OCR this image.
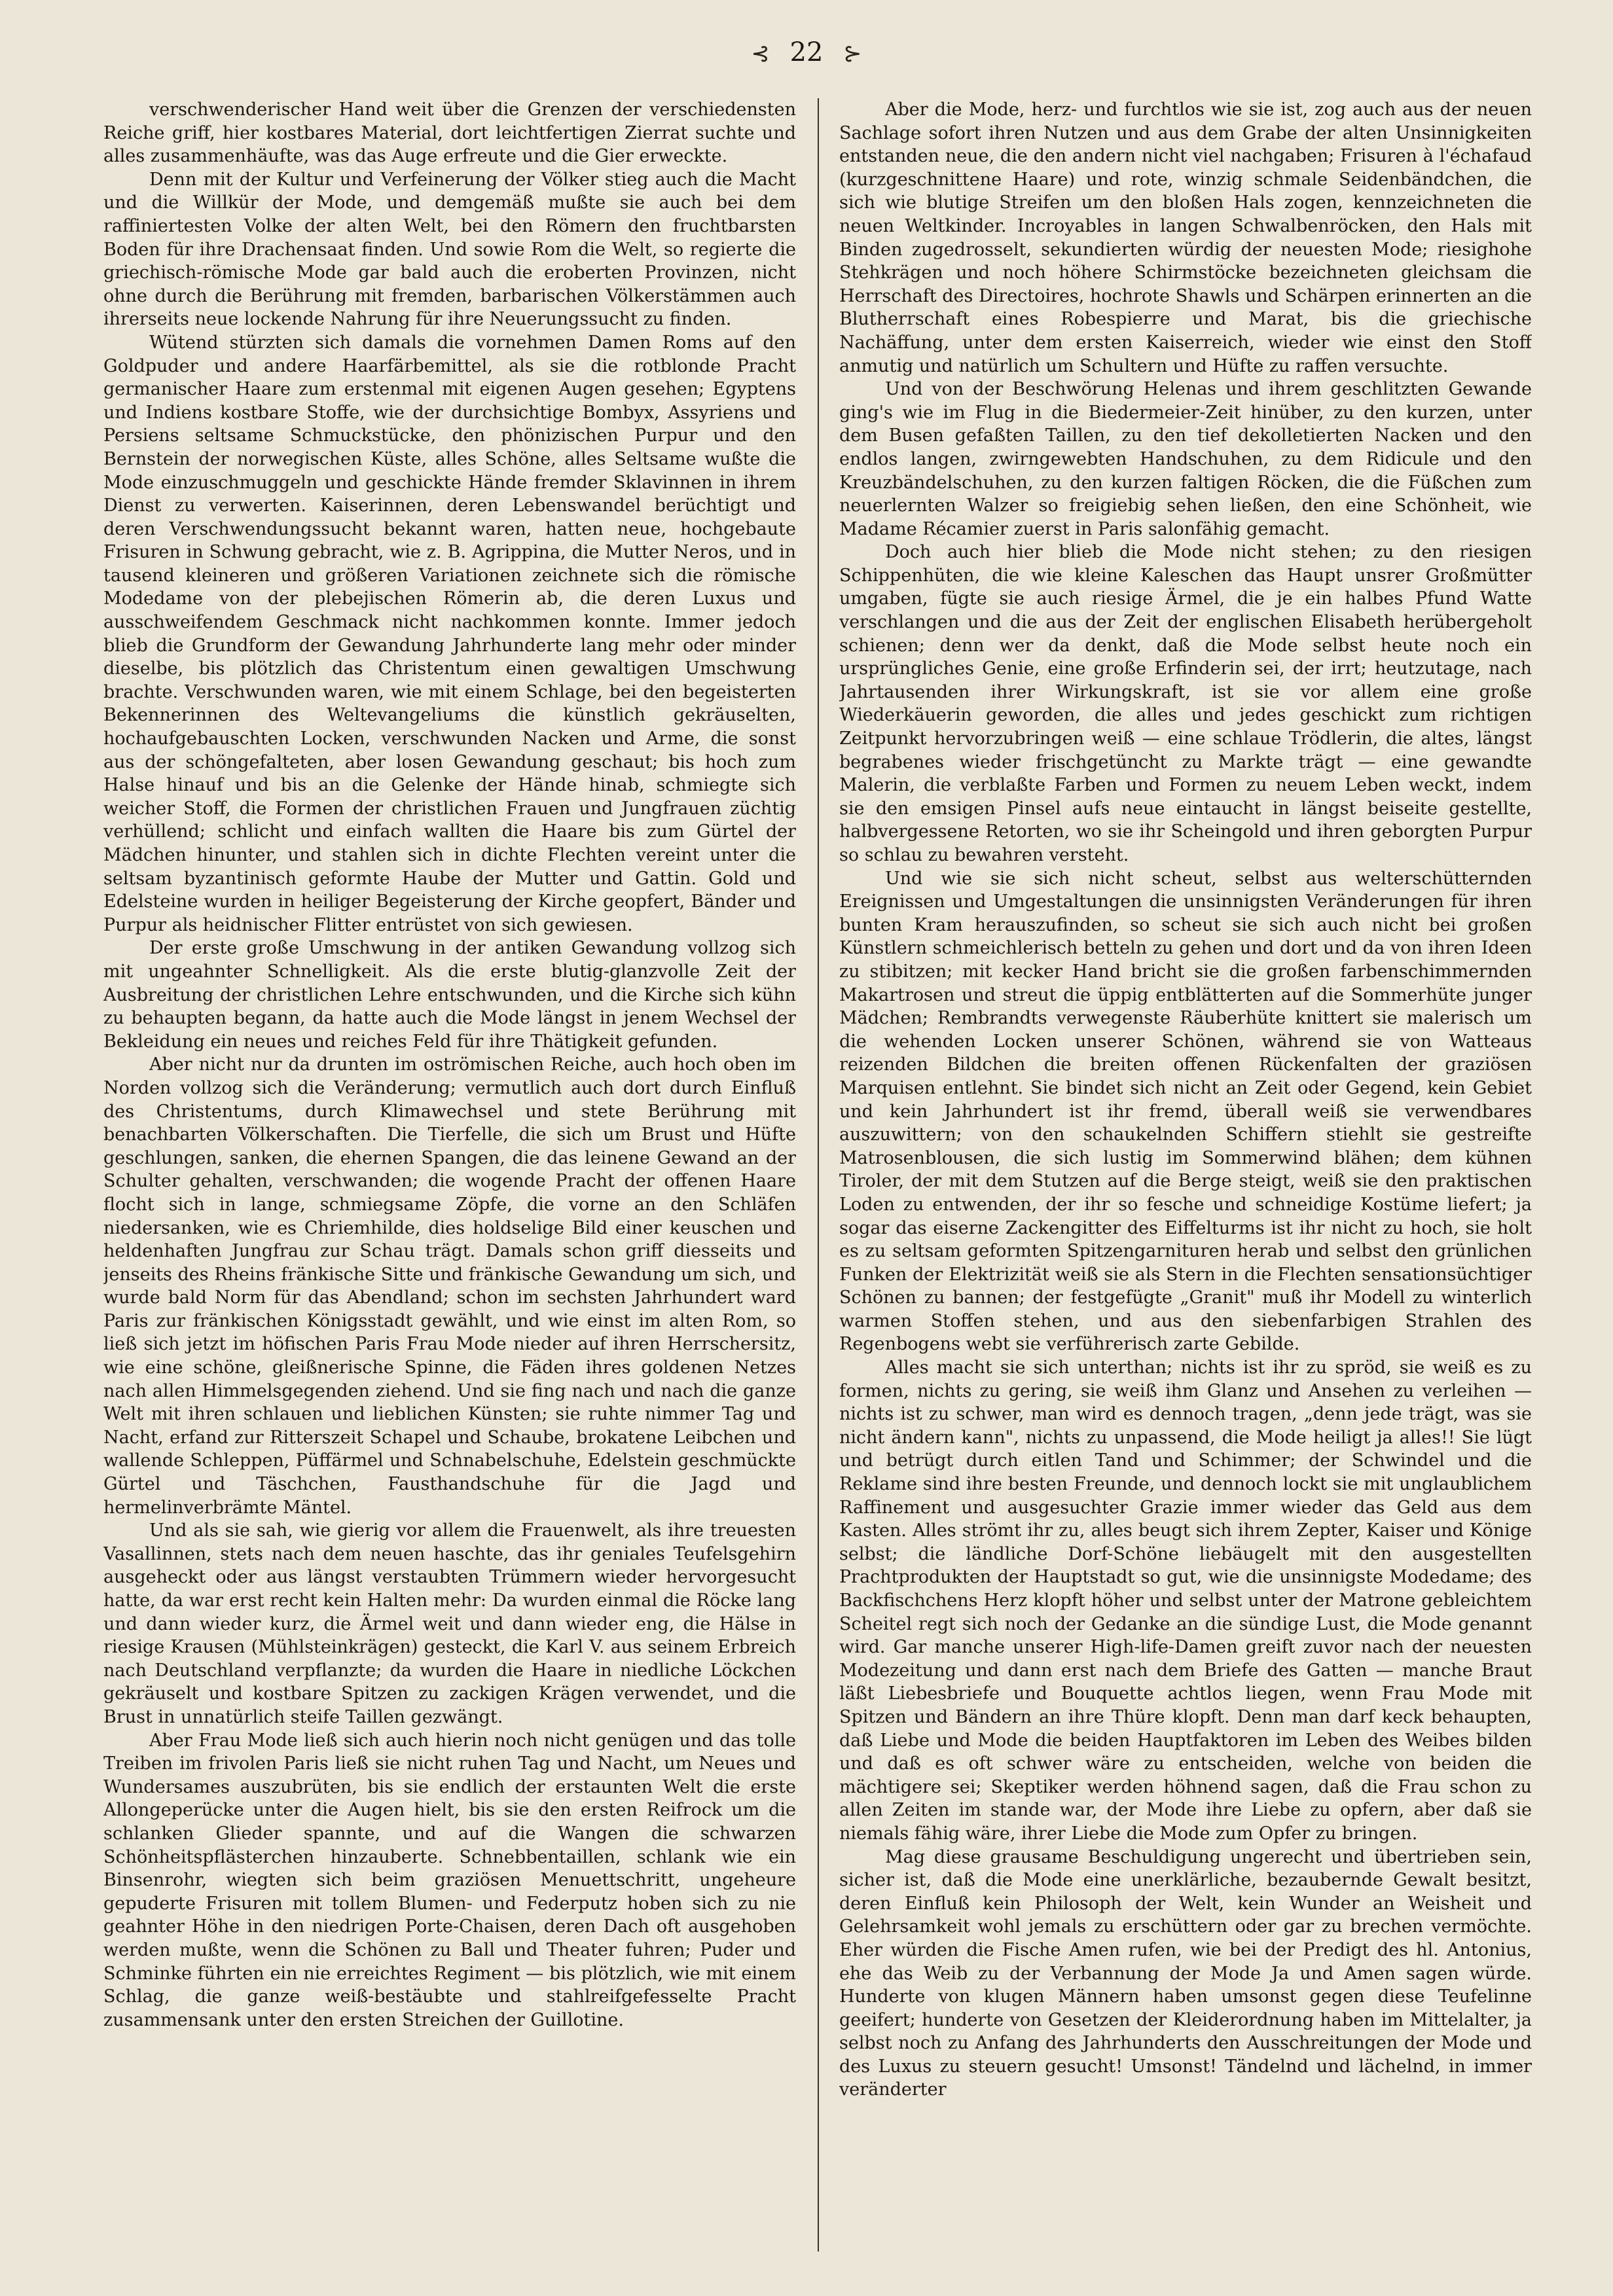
⊰ 22 ⊱

verschwenderischer Hand weit über die Grenzen der verschiedensten Reiche griff, hier kostbares Material, dort leichtfertigen Zierrat suchte und alles zusammenhäufte, was das Auge erfreute und die Gier erweckte.

Denn mit der Kultur und Verfeinerung der Völker stieg auch die Macht und die Willkür der Mode, und demgemäß mußte sie auch bei dem raffiniertesten Volke der alten Welt, bei den Römern den fruchtbarsten Boden für ihre Drachensaat finden. Und sowie Rom die Welt, so regierte die griechisch-römische Mode gar bald auch die eroberten Provinzen, nicht ohne durch die Berührung mit fremden, barbarischen Völkerstämmen auch ihrerseits neue lockende Nahrung für ihre Neuerungssucht zu finden.

Wütend stürzten sich damals die vornehmen Damen Roms auf den Goldpuder und andere Haarfärbemittel, als sie die rotblonde Pracht germanischer Haare zum erstenmal mit eigenen Augen gesehen; Egyptens und Indiens kostbare Stoffe, wie der durchsichtige Bombyx, Assyriens und Persiens seltsame Schmuckstücke, den phönizischen Purpur und den Bernstein der norwegischen Küste, alles Schöne, alles Seltsame wußte die Mode einzuschmuggeln und geschickte Hände fremder Sklavinnen in ihrem Dienst zu verwerten. Kaiserinnen, deren Lebenswandel berüchtigt und deren Verschwendungssucht bekannt waren, hatten neue, hochgebaute Frisuren in Schwung gebracht, wie z. B. Agrippina, die Mutter Neros, und in tausend kleineren und größeren Variationen zeichnete sich die römische Modedame von der plebejischen Römerin ab, die deren Luxus und ausschweifendem Geschmack nicht nachkommen konnte. Immer jedoch blieb die Grundform der Gewandung Jahrhunderte lang mehr oder minder dieselbe, bis plötzlich das Christentum einen gewaltigen Umschwung brachte. Verschwunden waren, wie mit einem Schlage, bei den begeisterten Bekennerinnen des Weltevangeliums die künstlich gekräuselten, hochaufgebauschten Locken, verschwunden Nacken und Arme, die sonst aus der schöngefalteten, aber losen Gewandung geschaut; bis hoch zum Halse hinauf und bis an die Gelenke der Hände hinab, schmiegte sich weicher Stoff, die Formen der christlichen Frauen und Jungfrauen züchtig verhüllend; schlicht und einfach wallten die Haare bis zum Gürtel der Mädchen hinunter, und stahlen sich in dichte Flechten vereint unter die seltsam byzantinisch geformte Haube der Mutter und Gattin. Gold und Edelsteine wurden in heiliger Begeisterung der Kirche geopfert, Bänder und Purpur als heidnischer Flitter entrüstet von sich gewiesen.

Der erste große Umschwung in der antiken Gewandung vollzog sich mit ungeahnter Schnelligkeit. Als die erste blutig-glanzvolle Zeit der Ausbreitung der christlichen Lehre entschwunden, und die Kirche sich kühn zu behaupten begann, da hatte auch die Mode längst in jenem Wechsel der Bekleidung ein neues und reiches Feld für ihre Thätigkeit gefunden.

Aber nicht nur da drunten im oströmischen Reiche, auch hoch oben im Norden vollzog sich die Veränderung; vermutlich auch dort durch Einfluß des Christentums, durch Klimawechsel und stete Berührung mit benachbarten Völkerschaften. Die Tierfelle, die sich um Brust und Hüfte geschlungen, sanken, die ehernen Spangen, die das leinene Gewand an der Schulter gehalten, verschwanden; die wogende Pracht der offenen Haare flocht sich in lange, schmiegsame Zöpfe, die vorne an den Schläfen niedersanken, wie es Chriemhilde, dies holdselige Bild einer keuschen und heldenhaften Jungfrau zur Schau trägt. Damals schon griff diesseits und jenseits des Rheins fränkische Sitte und fränkische Gewandung um sich, und wurde bald Norm für das Abendland; schon im sechsten Jahrhundert ward Paris zur fränkischen Königsstadt gewählt, und wie einst im alten Rom, so ließ sich jetzt im höfischen Paris Frau Mode nieder auf ihren Herrschersitz, wie eine schöne, gleißnerische Spinne, die Fäden ihres goldenen Netzes nach allen Himmelsgegenden ziehend. Und sie fing nach und nach die ganze Welt mit ihren schlauen und lieblichen Künsten; sie ruhte nimmer Tag und Nacht, erfand zur Ritterszeit Schapel und Schaube, brokatene Leibchen und wallende Schleppen, Püffärmel und Schnabelschuhe, Edelstein geschmückte Gürtel und Täschchen, Fausthandschuhe für die Jagd und hermelinverbrämte Mäntel.

Und als sie sah, wie gierig vor allem die Frauenwelt, als ihre treuesten Vasallinnen, stets nach dem neuen haschte, das ihr geniales Teufelsgehirn ausgeheckt oder aus längst verstaubten Trümmern wieder hervorgesucht hatte, da war erst recht kein Halten mehr: Da wurden einmal die Röcke lang und dann wieder kurz, die Ärmel weit und dann wieder eng, die Hälse in riesige Krausen (Mühlsteinkrägen) gesteckt, die Karl V. aus seinem Erbreich nach Deutschland verpflanzte; da wurden die Haare in niedliche Löckchen gekräuselt und kostbare Spitzen zu zackigen Krägen verwendet, und die Brust in unnatürlich steife Taillen gezwängt.

Aber Frau Mode ließ sich auch hierin noch nicht genügen und das tolle Treiben im frivolen Paris ließ sie nicht ruhen Tag und Nacht, um Neues und Wundersames auszubrüten, bis sie endlich der erstaunten Welt die erste Allongeperücke unter die Augen hielt, bis sie den ersten Reifrock um die schlanken Glieder spannte, und auf die Wangen die schwarzen Schönheitspflästerchen hinzauberte. Schnebbentaillen, schlank wie ein Binsenrohr, wiegten sich beim graziösen Menuettschritt, ungeheure gepuderte Frisuren mit tollem Blumen- und Federputz hoben sich zu nie geahnter Höhe in den niedrigen Porte-Chaisen, deren Dach oft ausgehoben werden mußte, wenn die Schönen zu Ball und Theater fuhren; Puder und Schminke führten ein nie erreichtes Regiment — bis plötzlich, wie mit einem Schlag, die ganze weiß-bestäubte und stahlreifgefesselte Pracht zusammensank unter den ersten Streichen der Guillotine.

Aber die Mode, herz- und furchtlos wie sie ist, zog auch aus der neuen Sachlage sofort ihren Nutzen und aus dem Grabe der alten Unsinnigkeiten entstanden neue, die den andern nicht viel nachgaben; Frisuren à l'échafaud (kurzgeschnittene Haare) und rote, winzig schmale Seidenbändchen, die sich wie blutige Streifen um den bloßen Hals zogen, kennzeichneten die neuen Weltkinder. Incroyables in langen Schwalbenröcken, den Hals mit Binden zugedrosselt, sekundierten würdig der neuesten Mode; riesighohe Stehkrägen und noch höhere Schirmstöcke bezeichneten gleichsam die Herrschaft des Directoires, hochrote Shawls und Schärpen erinnerten an die Blutherrschaft eines Robespierre und Marat, bis die griechische Nachäffung, unter dem ersten Kaiserreich, wieder wie einst den Stoff anmutig und natürlich um Schultern und Hüfte zu raffen versuchte.

Und von der Beschwörung Helenas und ihrem geschlitzten Gewande ging's wie im Flug in die Biedermeier-Zeit hinüber, zu den kurzen, unter dem Busen gefaßten Taillen, zu den tief dekolletierten Nacken und den endlos langen, zwirngewebten Handschuhen, zu dem Ridicule und den Kreuzbändelschuhen, zu den kurzen faltigen Röcken, die die Füßchen zum neuerlernten Walzer so freigiebig sehen ließen, den eine Schönheit, wie Madame Récamier zuerst in Paris salonfähig gemacht.

Doch auch hier blieb die Mode nicht stehen; zu den riesigen Schippenhüten, die wie kleine Kaleschen das Haupt unsrer Großmütter umgaben, fügte sie auch riesige Ärmel, die je ein halbes Pfund Watte verschlangen und die aus der Zeit der englischen Elisabeth herübergeholt schienen; denn wer da denkt, daß die Mode selbst heute noch ein ursprüngliches Genie, eine große Erfinderin sei, der irrt; heutzutage, nach Jahrtausenden ihrer Wirkungskraft, ist sie vor allem eine große Wiederkäuerin geworden, die alles und jedes geschickt zum richtigen Zeitpunkt hervorzubringen weiß — eine schlaue Trödlerin, die altes, längst begrabenes wieder frischgetüncht zu Markte trägt — eine gewandte Malerin, die verblaßte Farben und Formen zu neuem Leben weckt, indem sie den emsigen Pinsel aufs neue eintaucht in längst beiseite gestellte, halbvergessene Retorten, wo sie ihr Scheingold und ihren geborgten Purpur so schlau zu bewahren versteht.

Und wie sie sich nicht scheut, selbst aus welterschütternden Ereignissen und Umgestaltungen die unsinnigsten Veränderungen für ihren bunten Kram herauszufinden, so scheut sie sich auch nicht bei großen Künstlern schmeichlerisch betteln zu gehen und dort und da von ihren Ideen zu stibitzen; mit kecker Hand bricht sie die großen farbenschimmernden Makartrosen und streut die üppig entblätterten auf die Sommerhüte junger Mädchen; Rembrandts verwegenste Räuberhüte knittert sie malerisch um die wehenden Locken unserer Schönen, während sie von Watteaus reizenden Bildchen die breiten offenen Rückenfalten der graziösen Marquisen entlehnt. Sie bindet sich nicht an Zeit oder Gegend, kein Gebiet und kein Jahrhundert ist ihr fremd, überall weiß sie verwendbares auszuwittern; von den schaukelnden Schiffern stiehlt sie gestreifte Matrosenblousen, die sich lustig im Sommerwind blähen; dem kühnen Tiroler, der mit dem Stutzen auf die Berge steigt, weiß sie den praktischen Loden zu entwenden, der ihr so fesche und schneidige Kostüme liefert; ja sogar das eiserne Zackengitter des Eiffelturms ist ihr nicht zu hoch, sie holt es zu seltsam geformten Spitzengarnituren herab und selbst den grünlichen Funken der Elektrizität weiß sie als Stern in die Flechten sensationsüchtiger Schönen zu bannen; der festgefügte „Granit" muß ihr Modell zu winterlich warmen Stoffen stehen, und aus den siebenfarbigen Strahlen des Regenbogens webt sie verführerisch zarte Gebilde.

Alles macht sie sich unterthan; nichts ist ihr zu spröd, sie weiß es zu formen, nichts zu gering, sie weiß ihm Glanz und Ansehen zu verleihen — nichts ist zu schwer, man wird es dennoch tragen, „denn jede trägt, was sie nicht ändern kann", nichts zu unpassend, die Mode heiligt ja alles!! Sie lügt und betrügt durch eitlen Tand und Schimmer; der Schwindel und die Reklame sind ihre besten Freunde, und dennoch lockt sie mit unglaublichem Raffinement und ausgesuchter Grazie immer wieder das Geld aus dem Kasten. Alles strömt ihr zu, alles beugt sich ihrem Zepter, Kaiser und Könige selbst; die ländliche Dorf-Schöne liebäugelt mit den ausgestellten Prachtprodukten der Hauptstadt so gut, wie die unsinnigste Modedame; des Backfischchens Herz klopft höher und selbst unter der Matrone gebleichtem Scheitel regt sich noch der Gedanke an die sündige Lust, die Mode genannt wird. Gar manche unserer High-life-Damen greift zuvor nach der neuesten Modezeitung und dann erst nach dem Briefe des Gatten — manche Braut läßt Liebesbriefe und Bouquette achtlos liegen, wenn Frau Mode mit Spitzen und Bändern an ihre Thüre klopft. Denn man darf keck behaupten, daß Liebe und Mode die beiden Hauptfaktoren im Leben des Weibes bilden und daß es oft schwer wäre zu entscheiden, welche von beiden die mächtigere sei; Skeptiker werden höhnend sagen, daß die Frau schon zu allen Zeiten im stande war, der Mode ihre Liebe zu opfern, aber daß sie niemals fähig wäre, ihrer Liebe die Mode zum Opfer zu bringen.

Mag diese grausame Beschuldigung ungerecht und übertrieben sein, sicher ist, daß die Mode eine unerklärliche, bezaubernde Gewalt besitzt, deren Einfluß kein Philosoph der Welt, kein Wunder an Weisheit und Gelehrsamkeit wohl jemals zu erschüttern oder gar zu brechen vermöchte. Eher würden die Fische Amen rufen, wie bei der Predigt des hl. Antonius, ehe das Weib zu der Verbannung der Mode Ja und Amen sagen würde. Hunderte von klugen Männern haben umsonst gegen diese Teufelinne geeifert; hunderte von Gesetzen der Kleiderordnung haben im Mittelalter, ja selbst noch zu Anfang des Jahrhunderts den Ausschreitungen der Mode und des Luxus zu steuern gesucht! Umsonst! Tändelnd und lächelnd, in immer veränderter
